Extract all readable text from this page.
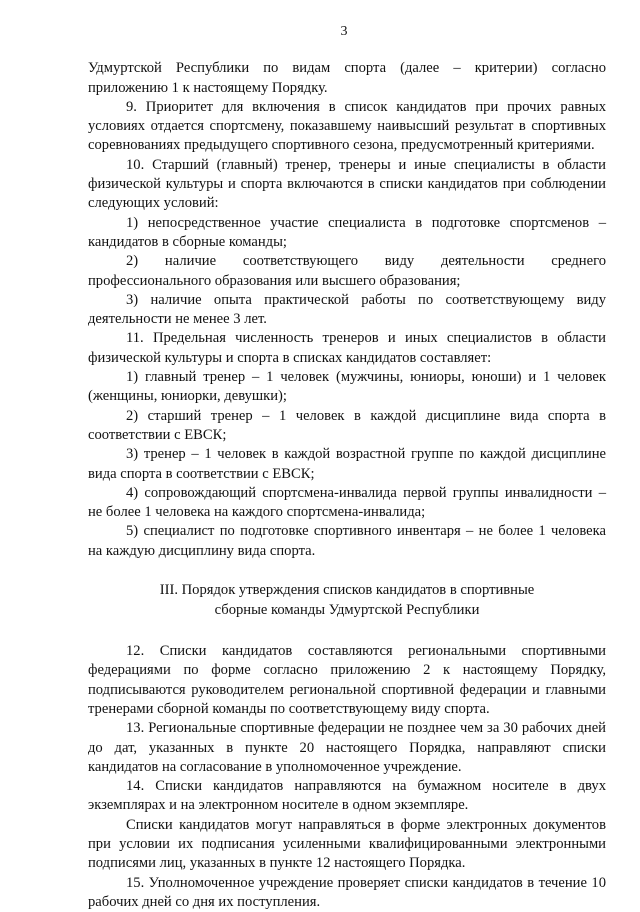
3

Удмуртской Республики по видам спорта (далее – критерии) согласно приложению 1 к настоящему Порядку.

9. Приоритет для включения в список кандидатов при прочих равных условиях отдается спортсмену, показавшему наивысший результат в спортивных соревнованиях предыдущего спортивного сезона, предусмотренный критериями.

10. Старший (главный) тренер, тренеры и иные специалисты в области физической культуры и спорта включаются в списки кандидатов при соблюдении следующих условий:

1) непосредственное участие специалиста в подготовке спортсменов – кандидатов в сборные команды;

2) наличие соответствующего виду деятельности среднего профессионального образования или высшего образования;

3) наличие опыта практической работы по соответствующему виду деятельности не менее 3 лет.

11. Предельная численность тренеров и иных специалистов в области физической культуры и спорта в списках кандидатов составляет:

1) главный тренер – 1 человек (мужчины, юниоры, юноши) и 1 человек (женщины, юниорки, девушки);

2) старший тренер – 1 человек в каждой дисциплине вида спорта в соответствии с ЕВСК;

3) тренер – 1 человек в каждой возрастной группе по каждой дисциплине вида спорта в соответствии с ЕВСК;

4) сопровождающий спортсмена-инвалида первой группы инвалидности – не более 1 человека на каждого спортсмена-инвалида;

5) специалист по подготовке спортивного инвентаря – не более 1 человека на каждую дисциплину вида спорта.

III. Порядок утверждения списков кандидатов в спортивные
сборные команды Удмуртской Республики

12. Списки кандидатов составляются региональными спортивными федерациями по форме согласно приложению 2 к настоящему Порядку, подписываются руководителем региональной спортивной федерации и главными тренерами сборной команды по соответствующему виду спорта.

13. Региональные спортивные федерации не позднее чем за 30 рабочих дней до дат, указанных в пункте 20 настоящего Порядка, направляют списки кандидатов на согласование в уполномоченное учреждение.

14. Списки кандидатов направляются на бумажном носителе в двух экземплярах и на электронном носителе в одном экземпляре.

Списки кандидатов могут направляться в форме электронных документов при условии их подписания усиленными квалифицированными электронными подписями лиц, указанных в пункте 12 настоящего Порядка.

15. Уполномоченное учреждение проверяет списки кандидатов в течение 10 рабочих дней со дня их поступления.
